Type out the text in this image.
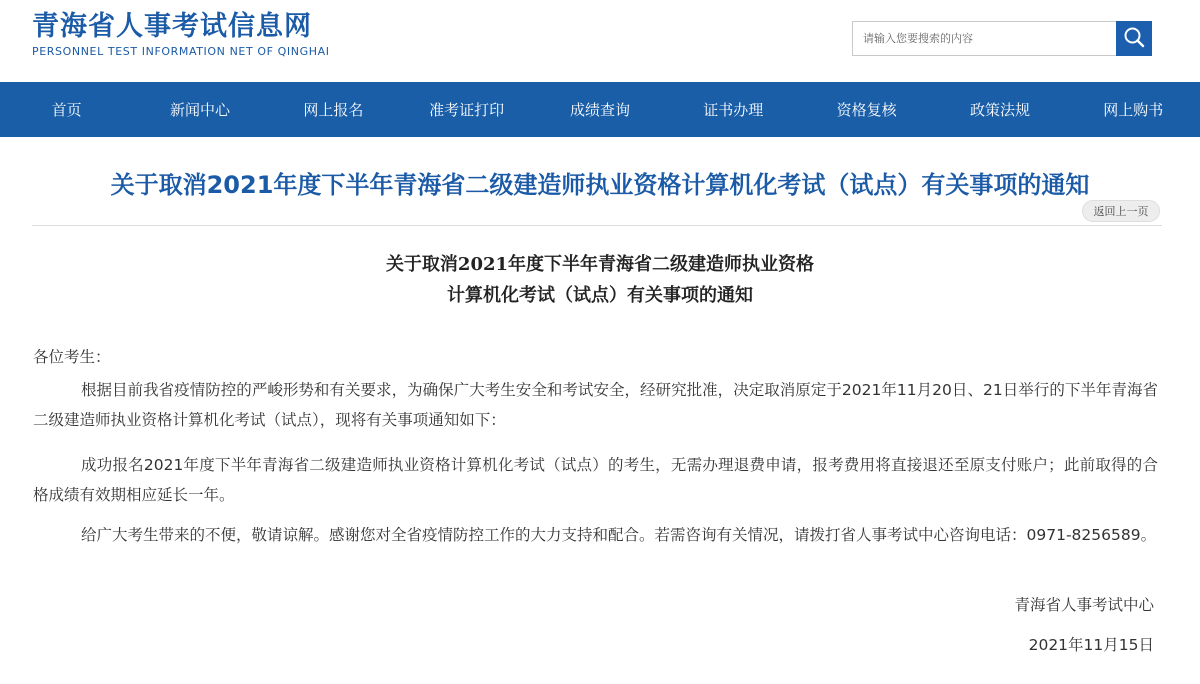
青海省人事考试信息网
PERSONNEL TEST INFORMATION NET OF QINGHAI
请输入您要搜索的内容
首页	新闻中心	网上报名	准考证打印	成绩查询	证书办理	资格复核	政策法规	网上购书
关于取消2021年度下半年青海省二级建造师执业资格计算机化考试（试点）有关事项的通知
返回上一页
关于取消2021年度下半年青海省二级建造师执业资格
计算机化考试（试点）有关事项的通知
各位考生：
根据目前我省疫情防控的严峻形势和有关要求，为确保广大考生安全和考试安全，经研究批准，决定取消原定于2021年11月20日、21日举行的下半年青海省二级建造师执业资格计算机化考试（试点），现将有关事项通知如下：
成功报名2021年度下半年青海省二级建造师执业资格计算机化考试（试点）的考生，无需办理退费申请，报考费用将直接退还至原支付账户；此前取得的合格成绩有效期相应延长一年。
给广大考生带来的不便，敬请谅解。感谢您对全省疫情防控工作的大力支持和配合。若需咨询有关情况，请拨打省人事考试中心咨询电话：0971-8256589。
青海省人事考试中心
2021年11月15日
